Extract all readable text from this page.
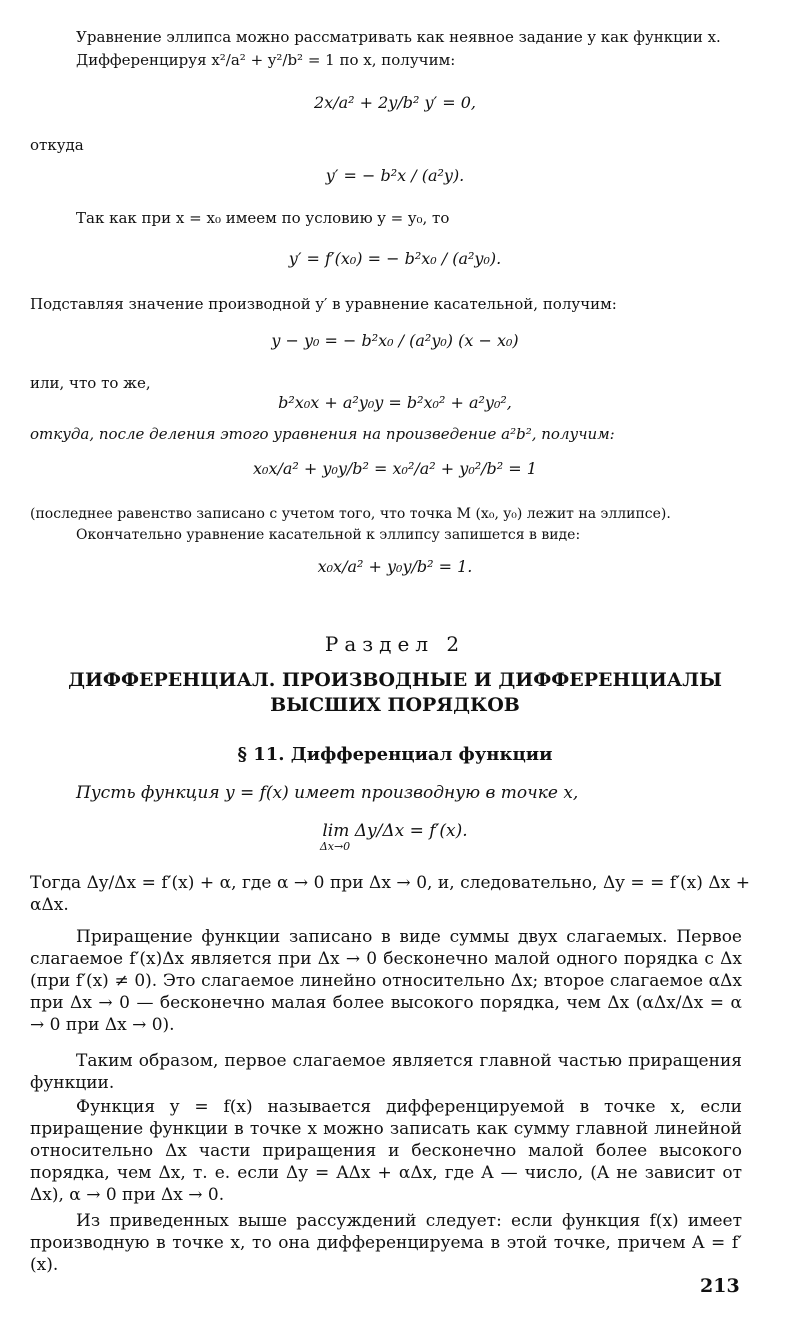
Уравнение эллипса можно рассматривать как неявное задание y как функции x.
Дифференцируя x²/a² + y²/b² = 1 по x, получим:
2x/a² + 2y/b² y′ = 0,
откуда
y′ = − b²x / (a²y).
Так как при x = x₀ имеем по условию y = y₀, то
y′ = f′(x₀) = − b²x₀ / (a²y₀).
Подставляя значение производной y′ в уравнение касательной, получим:
y − y₀ = − b²x₀ / (a²y₀) (x − x₀)
или, что то же,
b²x₀x + a²y₀y = b²x₀² + a²y₀²,
откуда, после деления этого уравнения на произведение a²b², получим:
x₀x/a² + y₀y/b² = x₀²/a² + y₀²/b² = 1
(последнее равенство записано с учетом того, что точка M (x₀, y₀) лежит на эллипсе).
Окончательно уравнение касательной к эллипсу запишется в виде:
x₀x/a² + y₀y/b² = 1.
Раздел 2
ДИФФЕРЕНЦИАЛ. ПРОИЗВОДНЫЕ И ДИФФЕРЕНЦИАЛЫ
ВЫСШИХ ПОРЯДКОВ
§ 11. Дифференциал функции
Пусть функция y = f(x) имеет производную в точке x,
lim Δy/Δx = f′(x).
Δx→0
Тогда Δy/Δx = f′(x) + α, где α → 0 при Δx → 0, и, следовательно, Δy = = f′(x) Δx + αΔx.
Приращение функции записано в виде суммы двух слагаемых. Первое слагаемое f′(x)Δx является при Δx → 0 бесконечно малой одного порядка с Δx (при f′(x) ≠ 0). Это слагаемое линейно относительно Δx; второе слагаемое αΔx при Δx → 0 — бесконечно малая более высокого порядка, чем Δx (αΔx/Δx = α → 0 при Δx → 0).
Таким образом, первое слагаемое является главной частью приращения функции.
Функция y = f(x) называется дифференцируемой в точке x, если приращение функции в точке x можно записать как сумму главной линейной относительно Δx части приращения и бесконечно малой более высокого порядка, чем Δx, т. е. если Δy = AΔx + αΔx, где A — число, (A не зависит от Δx), α → 0 при Δx → 0.
Из приведенных выше рассуждений следует: если функция f(x) имеет производную в точке x, то она дифференцируема в этой точке, причем A = f′(x).
213
